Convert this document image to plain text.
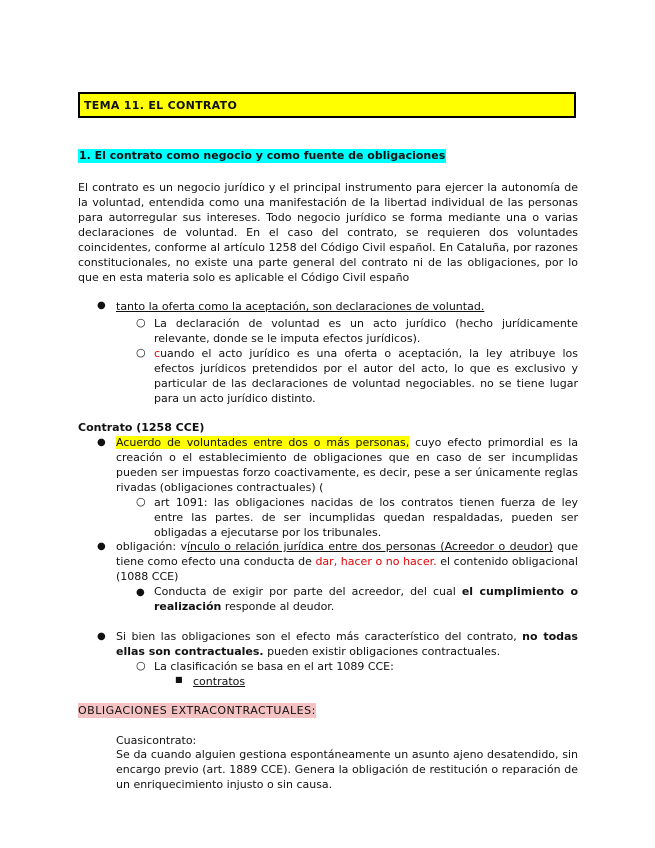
TEMA 11. EL CONTRATO
1. El contrato como negocio y como fuente de obligaciones
El contrato es un negocio jurídico y el principal instrumento para ejercer la autonomía de la voluntad, entendida como una manifestación de la libertad individual de las personas para autorregular sus intereses. Todo negocio jurídico se forma mediante una o varias declaraciones de voluntad. En el caso del contrato, se requieren dos voluntades coincidentes, conforme al artículo 1258 del Código Civil español. En Cataluña, por razones constitucionales, no existe una parte general del contrato ni de las obligaciones, por lo que en esta materia solo es aplicable el Código Civil españo
● tanto la oferta como la aceptación, son declaraciones de voluntad.
○ La declaración de voluntad es un acto jurídico (hecho jurídicamente relevante, donde se le imputa efectos jurídicos).
○ cuando el acto jurídico es una oferta o aceptación, la ley atribuye los efectos jurídicos pretendidos por el autor del acto, lo que es exclusivo y particular de las declaraciones de voluntad negociables. no se tiene lugar para un acto jurídico distinto.
Contrato (1258 CCE)
● Acuerdo de voluntades entre dos o más personas, cuyo efecto primordial es la creación o el establecimiento de obligaciones que en caso de ser incumplidas pueden ser impuestas forzo coactivamente, es decir, pese a ser únicamente reglas rivadas (obligaciones contractuales) (
○ art 1091: las obligaciones nacidas de los contratos tienen fuerza de ley entre las partes. de ser incumplidas quedan respaldadas, pueden ser obligadas a ejecutarse por los tribunales.
● obligación: vínculo o relación jurídica entre dos personas (Acreedor o deudor) que tiene como efecto una conducta de dar, hacer o no hacer. el contenido obligacional (1088 CCE)
● Conducta de exigir por parte del acreedor, del cual el cumplimiento o realización responde al deudor.
● Si bien las obligaciones son el efecto más característico del contrato, no todas ellas son contractuales. pueden existir obligaciones contractuales.
○ La clasificación se basa en el art 1089 CCE:
■ contratos
OBLIGACIONES EXTRACONTRACTUALES:
Cuasicontrato:
Se da cuando alguien gestiona espontáneamente un asunto ajeno desatendido, sin encargo previo (art. 1889 CCE). Genera la obligación de restitución o reparación de un enriquecimiento injusto o sin causa.
